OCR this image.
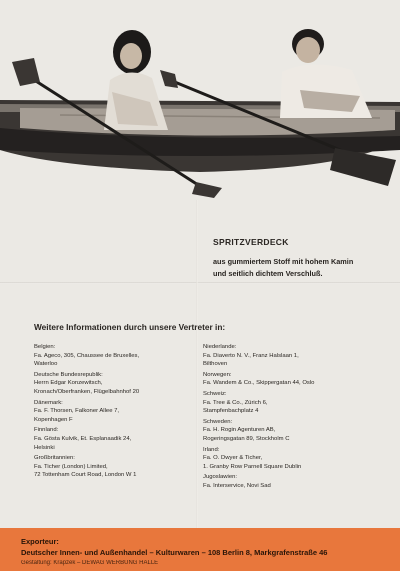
SPRITZVERDECK
aus gummiertem Stoff mit hohem Kamin
und seitlich dichtem Verschluß.
Weitere Informationen durch unsere Vertreter in:
Belgien:
Fa. Ageco, 305, Chaussee de Bruxelles,
Waterloo
Deutsche Bundesrepublik:
Herrn Edgar Konzewitsch,
Kronach/Oberfranken, Flügelbahnhof 20
Dänemark:
Fa. F. Thorsen, Falkoner Allee 7,
Kopenhagen F
Finnland:
Fa. Gösta Kulvik, Et. Esplanaadik 24,
Helsinki
Großbritannien:
Fa. Ticher (London) Limited,
72 Tottenham Court Road, London W 1
Niederlande:
Fa. Diaverto N. V., Franz Halslaan 1,
Bilthoven
Norwegen:
Fa. Wandem & Co., Skippergatan 44, Oslo
Schweiz:
Fa. Tree & Co., Zürich 6,
Stampfenbachplatz 4
Schweden:
Fa. H. Rogin Agenturen AB,
Rogeringsgatan 89, Stockholm C
Irland:
Fa. O. Dwyer & Ticher,
1. Granby Row Parnell Square Dublin
Jugoslawien:
Fa. Interservice, Novi Sad
Exporteur:
Deutscher Innen- und Außenhandel – Kulturwaren – 108 Berlin 8, Markgrafenstraße 46
Gestaltung: Krapzek – DEWAG WERBUNG HALLE
